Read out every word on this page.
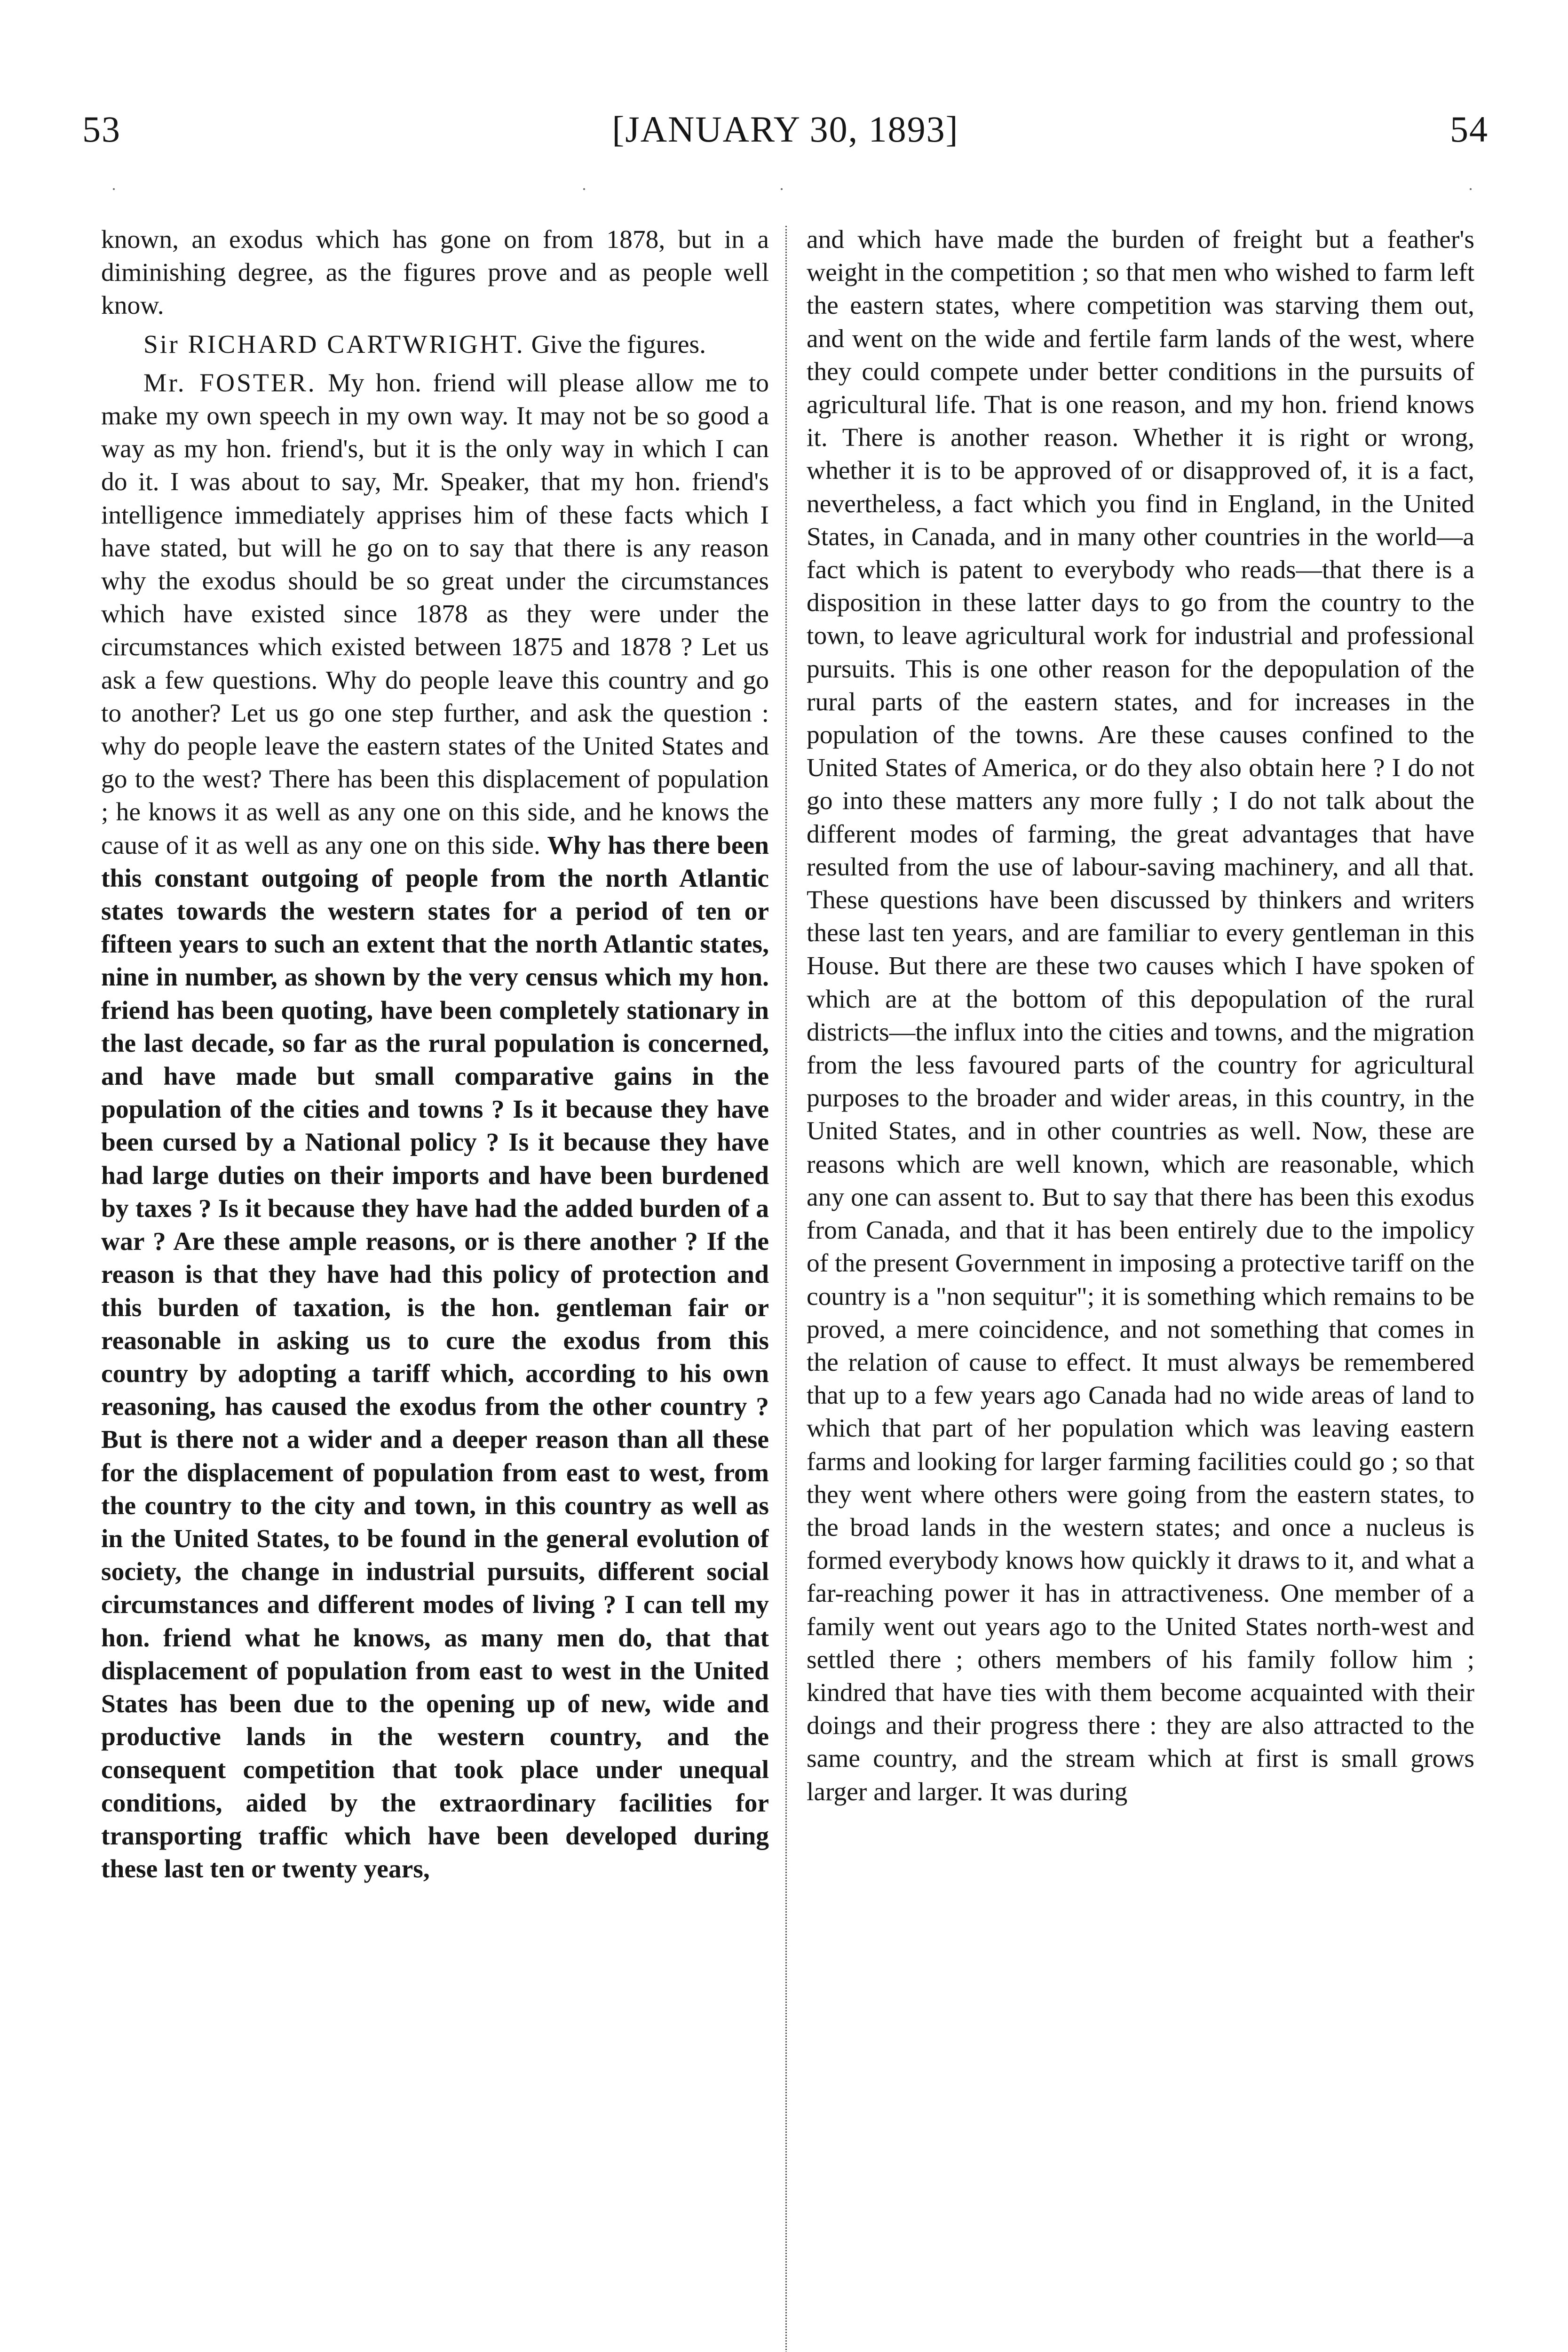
53	[JANUARY 30, 1893]	54

known, an exodus which has gone on from 1878, but in a diminishing degree, as the figures prove and as people well know.

Sir RICHARD CARTWRIGHT. Give the figures.

Mr. FOSTER. My hon. friend will please allow me to make my own speech in my own way. It may not be so good a way as my hon. friend's, but it is the only way in which I can do it. I was about to say, Mr. Speaker, that my hon. friend's intelligence immediately apprises him of these facts which I have stated, but will he go on to say that there is any reason why the exodus should be so great under the circumstances which have existed since 1878 as they were under the circumstances which existed between 1875 and 1878 ? Let us ask a few questions. Why do people leave this country and go to another? Let us go one step further, and ask the question : why do people leave the eastern states of the United States and go to the west? There has been this displacement of population ; he knows it as well as any one on this side, and he knows the cause of it as well as any one on this side. Why has there been this constant outgoing of people from the north Atlantic states towards the western states for a period of ten or fifteen years to such an extent that the north Atlantic states, nine in number, as shown by the very census which my hon. friend has been quoting, have been completely stationary in the last decade, so far as the rural population is concerned, and have made but small comparative gains in the population of the cities and towns ? Is it because they have been cursed by a National policy ? Is it because they have had large duties on their imports and have been burdened by taxes ? Is it because they have had the added burden of a war ? Are these ample reasons, or is there another ? If the reason is that they have had this policy of protection and this burden of taxation, is the hon. gentleman fair or reasonable in asking us to cure the exodus from this country by adopting a tariff which, according to his own reasoning, has caused the exodus from the other country ? But is there not a wider and a deeper reason than all these for the displacement of population from east to west, from the country to the city and town, in this country as well as in the United States, to be found in the general evolution of society, the change in industrial pursuits, different social circumstances and different modes of living ? I can tell my hon. friend what he knows, as many men do, that that displacement of population from east to west in the United States has been due to the opening up of new, wide and productive lands in the western country, and the consequent competition that took place under unequal conditions, aided by the extraordinary facilities for transporting traffic which have been developed during these last ten or twenty years,

and which have made the burden of freight but a feather's weight in the competition ; so that men who wished to farm left the eastern states, where competition was starving them out, and went on the wide and fertile farm lands of the west, where they could compete under better conditions in the pursuits of agricultural life. That is one reason, and my hon. friend knows it. There is another reason. Whether it is right or wrong, whether it is to be approved of or disapproved of, it is a fact, nevertheless, a fact which you find in England, in the United States, in Canada, and in many other countries in the world—a fact which is patent to everybody who reads—that there is a disposition in these latter days to go from the country to the town, to leave agricultural work for industrial and professional pursuits. This is one other reason for the depopulation of the rural parts of the eastern states, and for increases in the population of the towns. Are these causes confined to the United States of America, or do they also obtain here ? I do not go into these matters any more fully ; I do not talk about the different modes of farming, the great advantages that have resulted from the use of labour-saving machinery, and all that. These questions have been discussed by thinkers and writers these last ten years, and are familiar to every gentleman in this House. But there are these two causes which I have spoken of which are at the bottom of this depopulation of the rural districts—the influx into the cities and towns, and the migration from the less favoured parts of the country for agricultural purposes to the broader and wider areas, in this country, in the United States, and in other countries as well. Now, these are reasons which are well known, which are reasonable, which any one can assent to. But to say that there has been this exodus from Canada, and that it has been entirely due to the impolicy of the present Government in imposing a protective tariff on the country is a "non sequitur"; it is something which remains to be proved, a mere coincidence, and not something that comes in the relation of cause to effect. It must always be remembered that up to a few years ago Canada had no wide areas of land to which that part of her population which was leaving eastern farms and looking for larger farming facilities could go ; so that they went where others were going from the eastern states, to the broad lands in the western states; and once a nucleus is formed everybody knows how quickly it draws to it, and what a far-reaching power it has in attractiveness. One member of a family went out years ago to the United States north-west and settled there ; others members of his family follow him ; kindred that have ties with them become acquainted with their doings and their progress there : they are also attracted to the same country, and the stream which at first is small grows larger and larger. It was during
